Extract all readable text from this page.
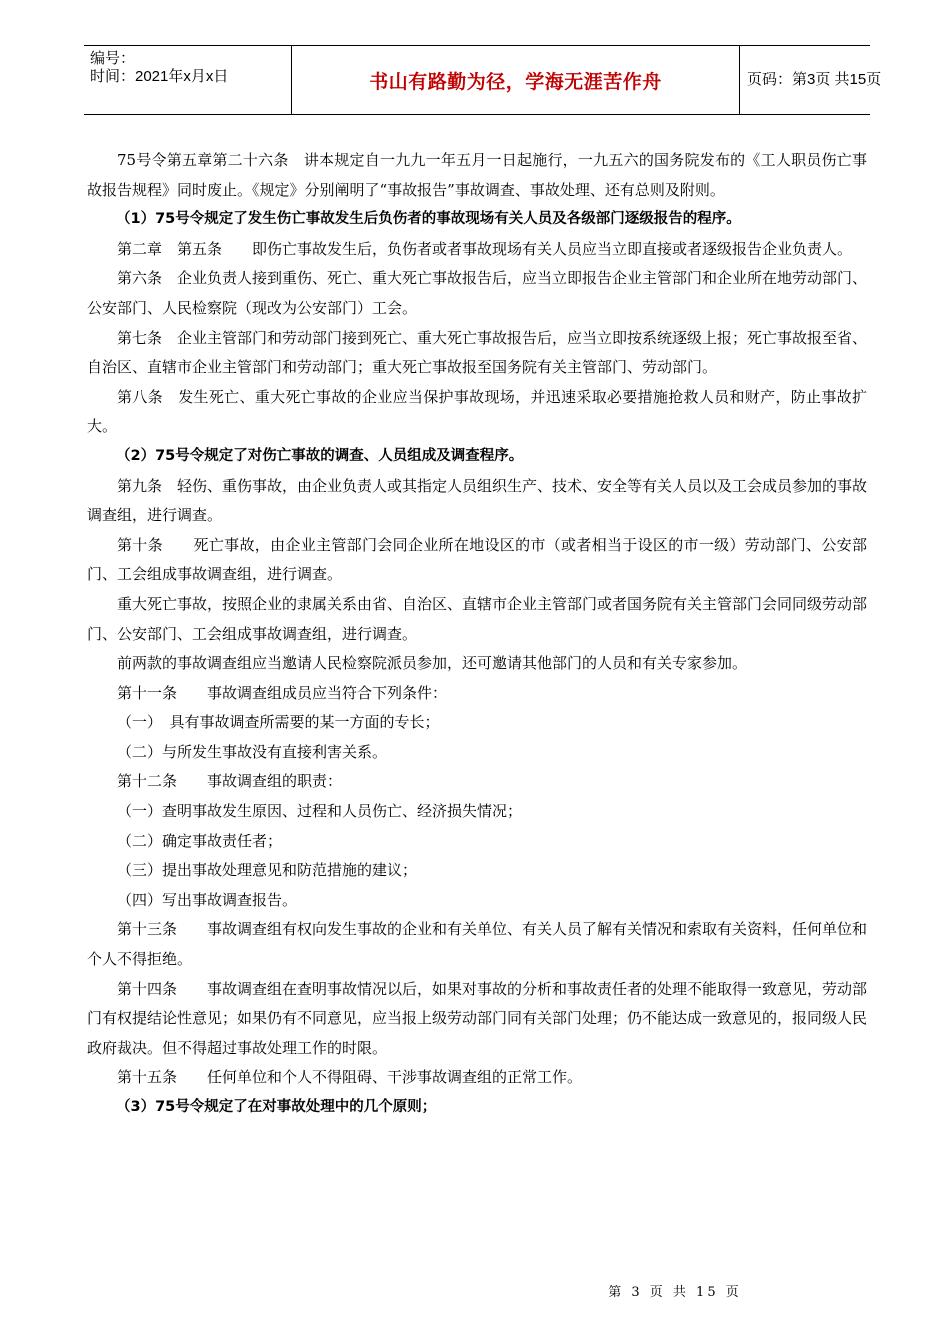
编号：
时间：2021年x月x日	书山有路勤为径，学海无涯苦作舟	页码：第3页 共15页

75号令第五章第二十六条　讲本规定自一九九一年五月一日起施行，一九五六的国务院发布的《工人职员伤亡事故报告规程》同时废止。《规定》分别阐明了“事故报告”事故调查、事故处理、还有总则及附则。

（1）75号令规定了发生伤亡事故发生后负伤者的事故现场有关人员及各级部门逐级报告的程序。

第二章　第五条　　即伤亡事故发生后，负伤者或者事故现场有关人员应当立即直接或者逐级报告企业负责人。

第六条　企业负责人接到重伤、死亡、重大死亡事故报告后，应当立即报告企业主管部门和企业所在地劳动部门、公安部门、人民检察院（现改为公安部门）工会。

第七条　企业主管部门和劳动部门接到死亡、重大死亡事故报告后，应当立即按系统逐级上报；死亡事故报至省、自治区、直辖市企业主管部门和劳动部门；重大死亡事故报至国务院有关主管部门、劳动部门。

第八条　发生死亡、重大死亡事故的企业应当保护事故现场，并迅速采取必要措施抢救人员和财产，防止事故扩大。

（2）75号令规定了对伤亡事故的调查、人员组成及调查程序。

第九条　轻伤、重伤事故，由企业负责人或其指定人员组织生产、技术、安全等有关人员以及工会成员参加的事故调查组，进行调查。

第十条　　死亡事故，由企业主管部门会同企业所在地设区的市（或者相当于设区的市一级）劳动部门、公安部门、工会组成事故调查组，进行调查。

重大死亡事故，按照企业的隶属关系由省、自治区、直辖市企业主管部门或者国务院有关主管部门会同同级劳动部门、公安部门、工会组成事故调查组，进行调查。

前两款的事故调查组应当邀请人民检察院派员参加，还可邀请其他部门的人员和有关专家参加。

第十一条　　事故调查组成员应当符合下列条件：

（一）　具有事故调查所需要的某一方面的专长；

（二）与所发生事故没有直接利害关系。

第十二条　　事故调查组的职责：

（一）查明事故发生原因、过程和人员伤亡、经济损失情况；

（二）确定事故责任者；

（三）提出事故处理意见和防范措施的建议；

（四）写出事故调查报告。

第十三条　　事故调查组有权向发生事故的企业和有关单位、有关人员了解有关情况和索取有关资料，任何单位和个人不得拒绝。

第十四条　　事故调查组在查明事故情况以后，如果对事故的分析和事故责任者的处理不能取得一致意见，劳动部门有权提结论性意见；如果仍有不同意见，应当报上级劳动部门同有关部门处理；仍不能达成一致意见的，报同级人民政府裁决。但不得超过事故处理工作的时限。

第十五条　　任何单位和个人不得阻碍、干涉事故调查组的正常工作。

（3）75号令规定了在对事故处理中的几个原则；

第 3 页 共 15 页
